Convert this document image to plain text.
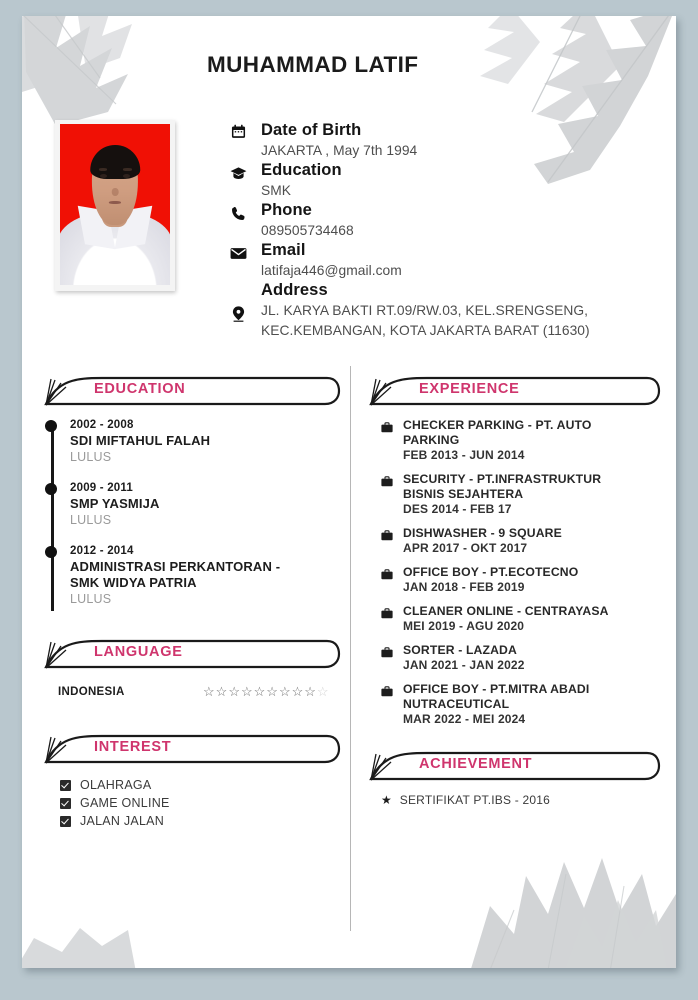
MUHAMMAD LATIF
Date of Birth
JAKARTA , May 7th 1994
Education
SMK
Phone
089505734468
Email
latifaja446@gmail.com
Address
JL. KARYA BAKTI RT.09/RW.03, KEL.SRENGSENG,
KEC.KEMBANGAN, KOTA JAKARTA BARAT (11630)
EDUCATION
2002 - 2008
SDI MIFTAHUL FALAH
LULUS
2009 - 2011
SMP YASMIJA
LULUS
2012 - 2014
ADMINISTRASI PERKANTORAN -
SMK WIDYA PATRIA
LULUS
LANGUAGE
INDONESIA	☆ ☆ ☆ ☆ ☆ ☆ ☆ ☆ ☆ ☆
INTEREST
OLAHRAGA
GAME ONLINE
JALAN JALAN
EXPERIENCE
CHECKER PARKING - PT. AUTO
PARKING
FEB 2013 - JUN 2014
SECURITY - PT.INFRASTRUKTUR
BISNIS SEJAHTERA
DES 2014 - FEB 17
DISHWASHER - 9 SQUARE
APR 2017 - OKT 2017
OFFICE BOY - PT.ECOTECNO
JAN 2018 - FEB 2019
CLEANER ONLINE - CENTRAYASA
MEI 2019 - AGU 2020
SORTER - LAZADA
JAN 2021 - JAN 2022
OFFICE BOY - PT.MITRA ABADI
NUTRACEUTICAL
MAR 2022 - MEI 2024
ACHIEVEMENT
★ SERTIFIKAT PT.IBS - 2016
